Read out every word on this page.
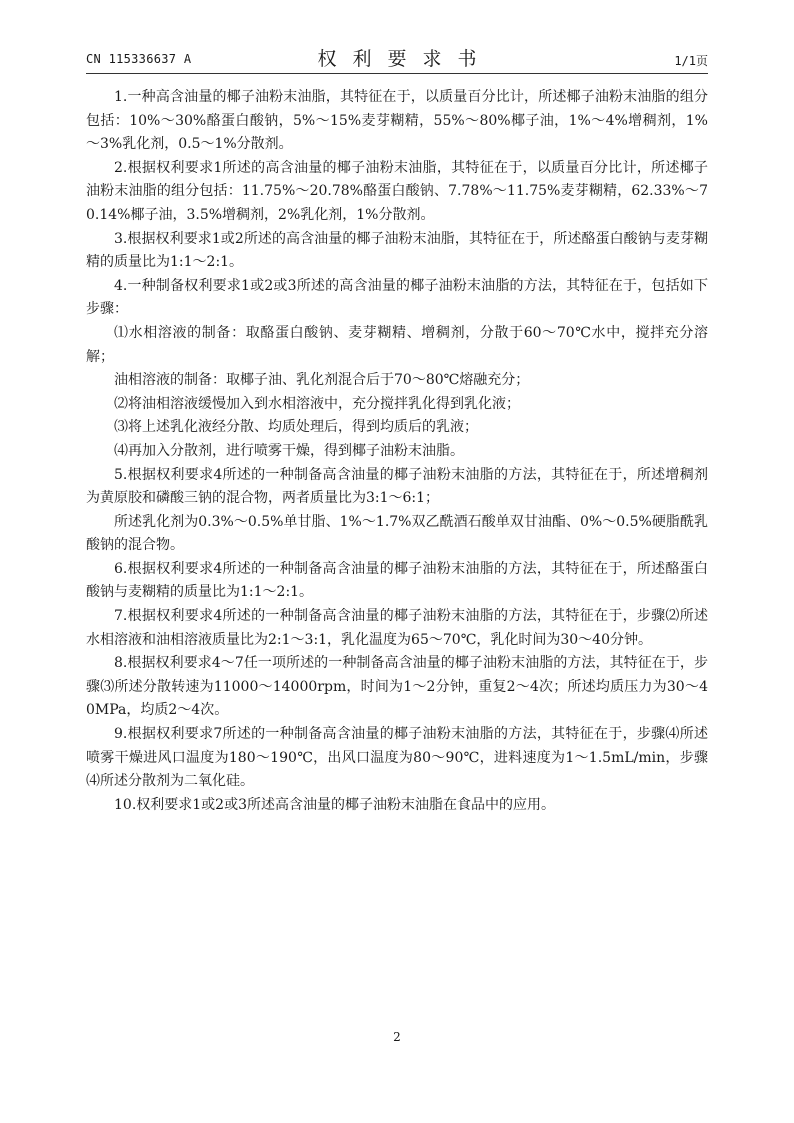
CN 115336637 A	权利要求书	1/1页

1.一种高含油量的椰子油粉末油脂，其特征在于，以质量百分比计，所述椰子油粉末油脂的组分包括：10%～30%酪蛋白酸钠，5%～15%麦芽糊精，55%～80%椰子油，1%～4%增稠剂，1%～3%乳化剂，0.5～1%分散剂。

2.根据权利要求1所述的高含油量的椰子油粉末油脂，其特征在于，以质量百分比计，所述椰子油粉末油脂的组分包括：11.75%～20.78%酪蛋白酸钠、7.78%～11.75%麦芽糊精，62.33%～70.14%椰子油，3.5%增稠剂，2%乳化剂，1%分散剂。

3.根据权利要求1或2所述的高含油量的椰子油粉末油脂，其特征在于，所述酪蛋白酸钠与麦芽糊精的质量比为1:1～2:1。

4.一种制备权利要求1或2或3所述的高含油量的椰子油粉末油脂的方法，其特征在于，包括如下步骤：

⑴水相溶液的制备：取酪蛋白酸钠、麦芽糊精、增稠剂，分散于60～70℃水中，搅拌充分溶解；

油相溶液的制备：取椰子油、乳化剂混合后于70～80℃熔融充分；

⑵将油相溶液缓慢加入到水相溶液中，充分搅拌乳化得到乳化液；

⑶将上述乳化液经分散、均质处理后，得到均质后的乳液；

⑷再加入分散剂，进行喷雾干燥，得到椰子油粉末油脂。

5.根据权利要求4所述的一种制备高含油量的椰子油粉末油脂的方法，其特征在于，所述增稠剂为黄原胶和磷酸三钠的混合物，两者质量比为3:1～6:1；

所述乳化剂为0.3%～0.5%单甘脂、1%～1.7%双乙酰酒石酸单双甘油酯、0%～0.5%硬脂酰乳酸钠的混合物。

6.根据权利要求4所述的一种制备高含油量的椰子油粉末油脂的方法，其特征在于，所述酪蛋白酸钠与麦糊精的质量比为1:1～2:1。

7.根据权利要求4所述的一种制备高含油量的椰子油粉末油脂的方法，其特征在于，步骤⑵所述水相溶液和油相溶液质量比为2:1～3:1，乳化温度为65～70℃，乳化时间为30～40分钟。

8.根据权利要求4～7任一项所述的一种制备高含油量的椰子油粉末油脂的方法，其特征在于，步骤⑶所述分散转速为11000～14000rpm，时间为1～2分钟，重复2～4次；所述均质压力为30～40MPa，均质2～4次。

9.根据权利要求7所述的一种制备高含油量的椰子油粉末油脂的方法，其特征在于，步骤⑷所述喷雾干燥进风口温度为180～190℃，出风口温度为80～90℃，进料速度为1～1.5mL/min，步骤⑷所述分散剂为二氧化硅。

10.权利要求1或2或3所述高含油量的椰子油粉末油脂在食品中的应用。

2
